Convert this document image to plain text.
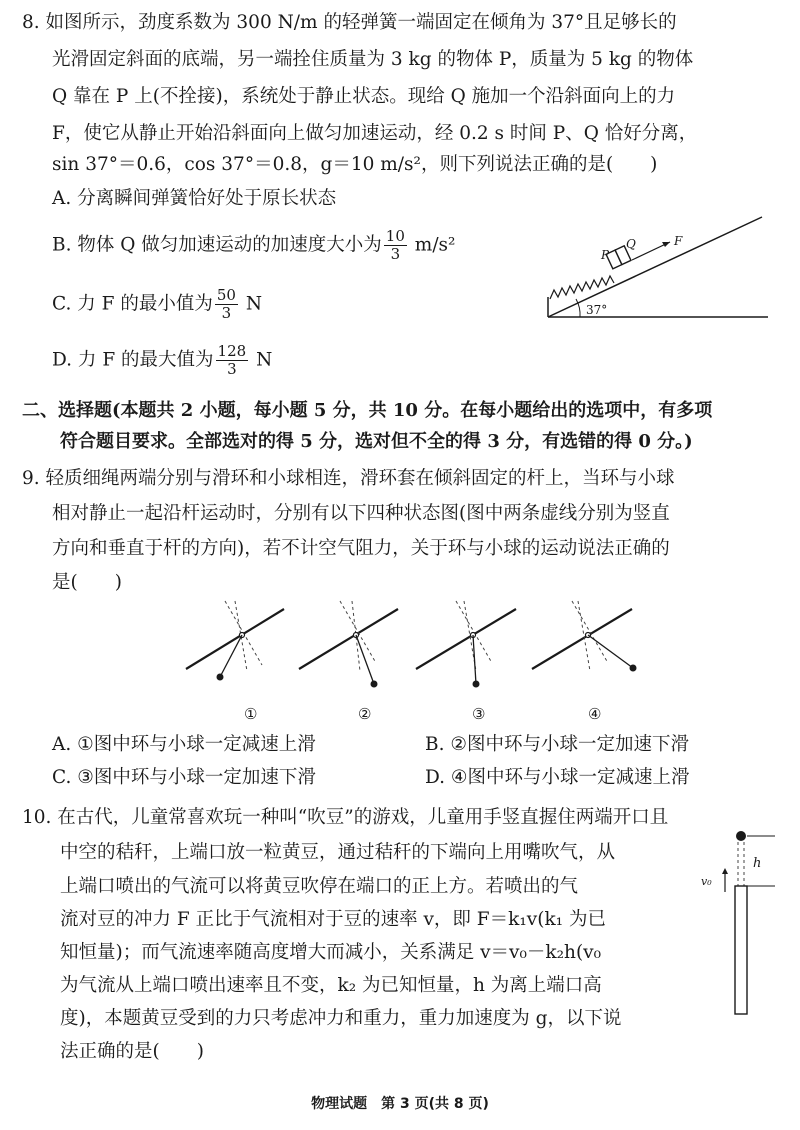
8. 如图所示，劲度系数为 300 N/m 的轻弹簧一端固定在倾角为 37°且足够长的
光滑固定斜面的底端，另一端拴住质量为 3 kg 的物体 P，质量为 5 kg 的物体
Q 靠在 P 上(不拴接)，系统处于静止状态。现给 Q 施加一个沿斜面向上的力
F，使它从静止开始沿斜面向上做匀加速运动，经 0.2 s 时间 P、Q 恰好分离，
sin 37°＝0.6，cos 37°＝0.8，g＝10 m/s²，则下列说法正确的是(　　)
A. 分离瞬间弹簧恰好处于原长状态
B. 物体 Q 做匀加速运动的加速度大小为 $\frac{10}{3} m/s^2$
C. 力 F 的最小值为 $\frac{50}{3}$ N
D. 力 F 的最大值为 $\frac{128}{3}$ N
P
Q	F
37°
二、选择题(本题共 2 小题，每小题 5 分，共 10 分。在每小题给出的选项中，有多项
符合题目要求。全部选对的得 5 分，选对但不全的得 3 分，有选错的得 0 分。)
9. 轻质细绳两端分别与滑环和小球相连，滑环套在倾斜固定的杆上，当环与小球
相对静止一起沿杆运动时，分别有以下四种状态图(图中两条虚线分别为竖直
方向和垂直于杆的方向)，若不计空气阻力，关于环与小球的运动说法正确的
是(　　)
①	②	③	④
A. ①图中环与小球一定减速上滑	B. ②图中环与小球一定加速下滑
C. ③图中环与小球一定加速下滑	D. ④图中环与小球一定减速上滑
10. 在古代，儿童常喜欢玩一种叫“吹豆”的游戏，儿童用手竖直握住两端开口且
中空的秸秆，上端口放一粒黄豆，通过秸秆的下端向上用嘴吹气，从
上端口喷出的气流可以将黄豆吹停在端口的正上方。若喷出的气
流对豆的冲力 F 正比于气流相对于豆的速率 v，即 F＝k₁v(k₁ 为已
知恒量)；而气流速率随高度增大而减小，关系满足 v＝v₀－k₂h(v₀
为气流从上端口喷出速率且不变，k₂ 为已知恒量，h 为离上端口高
度)，本题黄豆受到的力只考虑冲力和重力，重力加速度为 g，以下说
法正确的是(　　)
h
v₀
物理试题　第 3 页(共 8 页)
